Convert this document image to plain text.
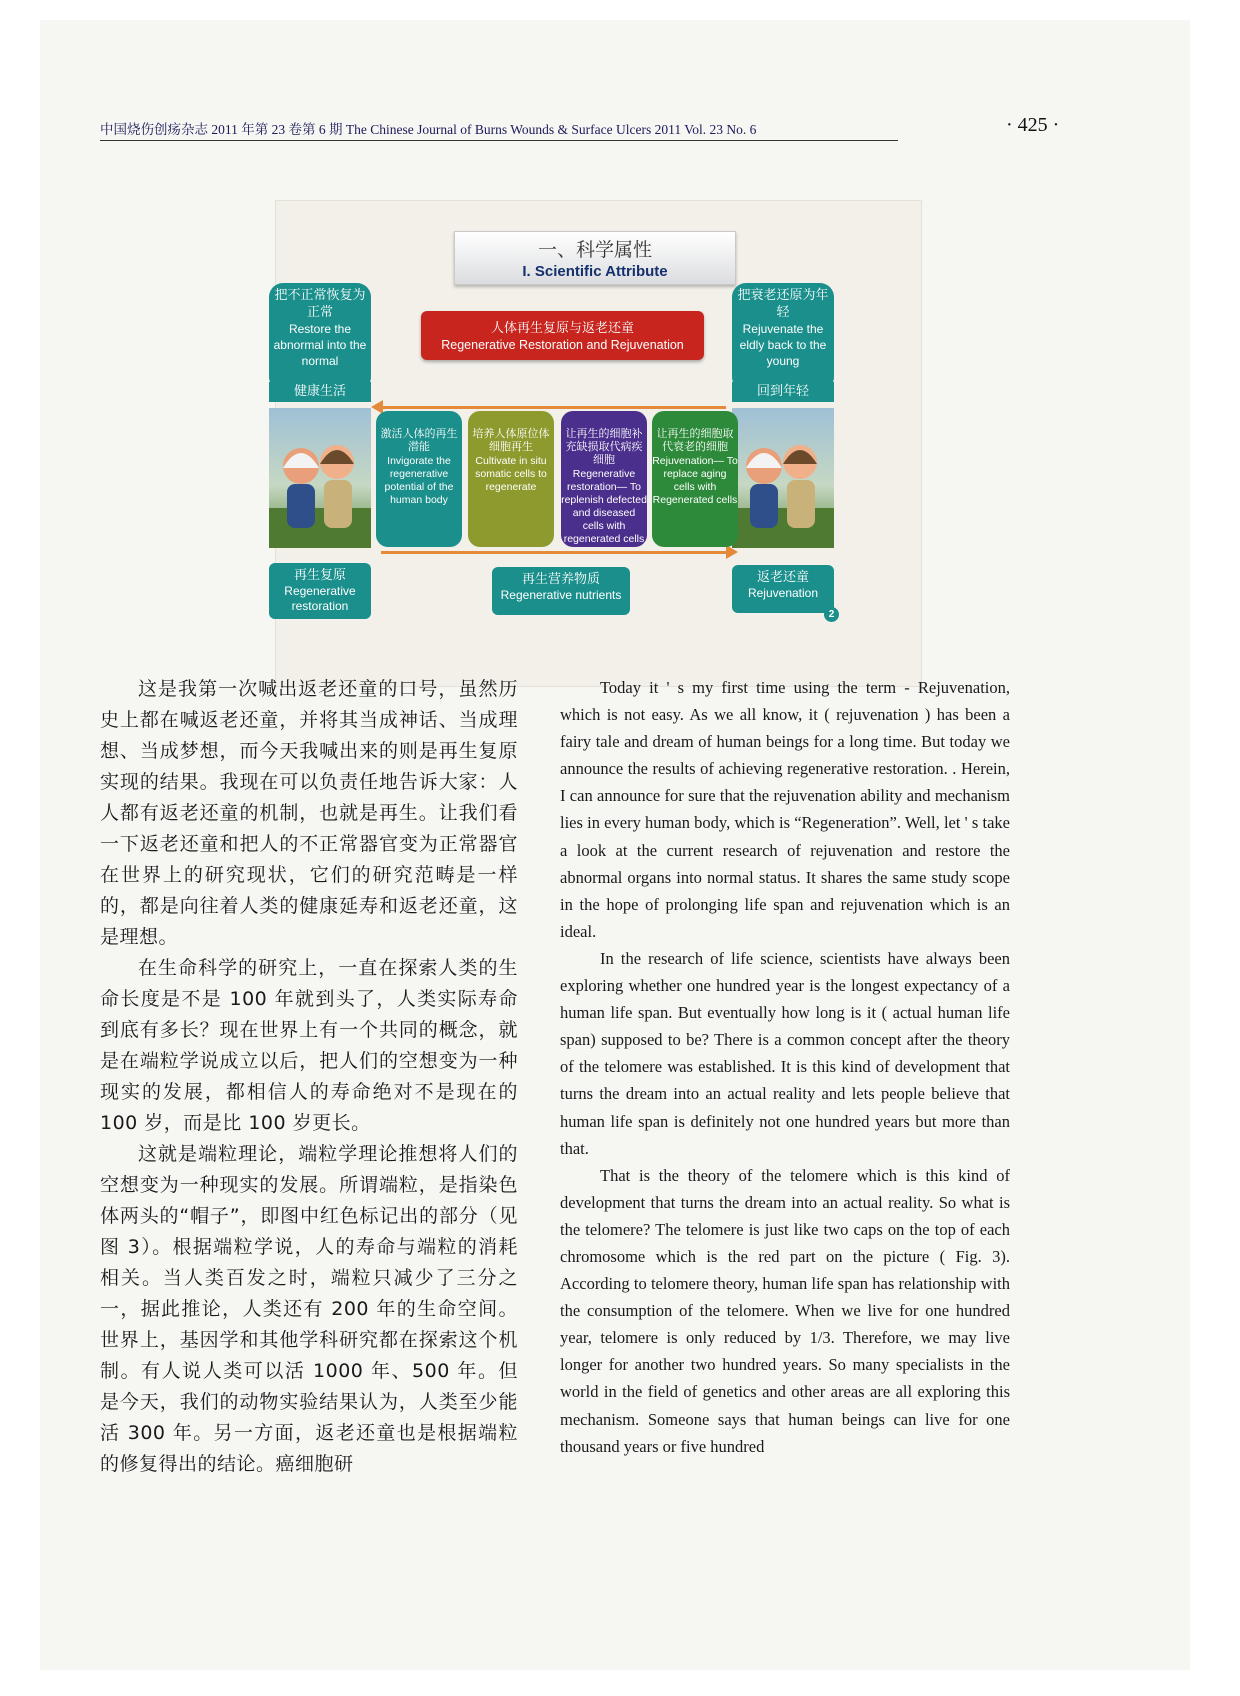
中国烧伤创疡杂志 2011 年第 23 卷第 6 期 The Chinese Journal of Burns Wounds & Surface Ulcers 2011 Vol. 23 No. 6	· 425 ·
一、科学属性
I. Scientific Attribute
把不正常恢复为正常
Restore the abnormal into the normal
健康生活
把衰老还原为年轻
Rejuvenate the eldly back to the young
回到年轻
人体再生复原与返老还童
Regenerative Restoration and Rejuvenation
激活人体的再生潜能
Invigorate the regenerative potential of the human body
培养人体原位体细胞再生
Cultivate in situ somatic cells to regenerate
让再生的细胞补充缺损取代病疾细胞
Regenerative restoration— To replenish defected and diseased cells with regenerated cells
让再生的细胞取代衰老的细胞
Rejuvenation— To replace aging cells with Regenerated cells
再生复原
Regenerative restoration
再生营养物质
Regenerative nutrients
返老还童
Rejuvenation
2

这是我第一次喊出返老还童的口号，虽然历史上都在喊返老还童，并将其当成神话、当成理想、当成梦想，而今天我喊出来的则是再生复原实现的结果。我现在可以负责任地告诉大家：人人都有返老还童的机制，也就是再生。让我们看一下返老还童和把人的不正常器官变为正常器官在世界上的研究现状，它们的研究范畴是一样的，都是向往着人类的健康延寿和返老还童，这是理想。

在生命科学的研究上，一直在探索人类的生命长度是不是 100 年就到头了，人类实际寿命到底有多长？现在世界上有一个共同的概念，就是在端粒学说成立以后，把人们的空想变为一种现实的发展，都相信人的寿命绝对不是现在的 100 岁，而是比 100 岁更长。

这就是端粒理论，端粒学理论推想将人们的空想变为一种现实的发展。所谓端粒，是指染色体两头的“帽子”，即图中红色标记出的部分（见图 3）。根据端粒学说，人的寿命与端粒的消耗相关。当人类百发之时，端粒只减少了三分之一，据此推论，人类还有 200 年的生命空间。世界上，基因学和其他学科研究都在探索这个机制。有人说人类可以活 1000 年、500 年。但是今天，我们的动物实验结果认为，人类至少能活 300 年。另一方面，返老还童也是根据端粒的修复得出的结论。癌细胞研

Today it ' s my first time using the term - Rejuvenation, which is not easy. As we all know, it ( rejuvenation ) has been a fairy tale and dream of human beings for a long time. But today we announce the results of achieving regenerative restoration. . Herein, I can announce for sure that the rejuvenation ability and mechanism lies in every human body, which is “Regeneration”. Well, let ' s take a look at the current research of rejuvenation and restore the abnormal organs into normal status. It shares the same study scope in the hope of prolonging life span and rejuvenation which is an ideal.

In the research of life science, scientists have always been exploring whether one hundred year is the longest expectancy of a human life span. But eventually how long is it ( actual human life span) supposed to be? There is a common concept after the theory of the telomere was established. It is this kind of development that turns the dream into an actual reality and lets people believe that human life span is definitely not one hundred years but more than that.

That is the theory of the telomere which is this kind of development that turns the dream into an actual reality. So what is the telomere? The telomere is just like two caps on the top of each chromosome which is the red part on the picture ( Fig. 3). According to telomere theory, human life span has relationship with the consumption of the telomere. When we live for one hundred year, telomere is only reduced by 1/3. Therefore, we may live longer for another two hundred years. So many specialists in the world in the field of genetics and other areas are all exploring this mechanism. Someone says that human beings can live for one thousand years or five hundred
